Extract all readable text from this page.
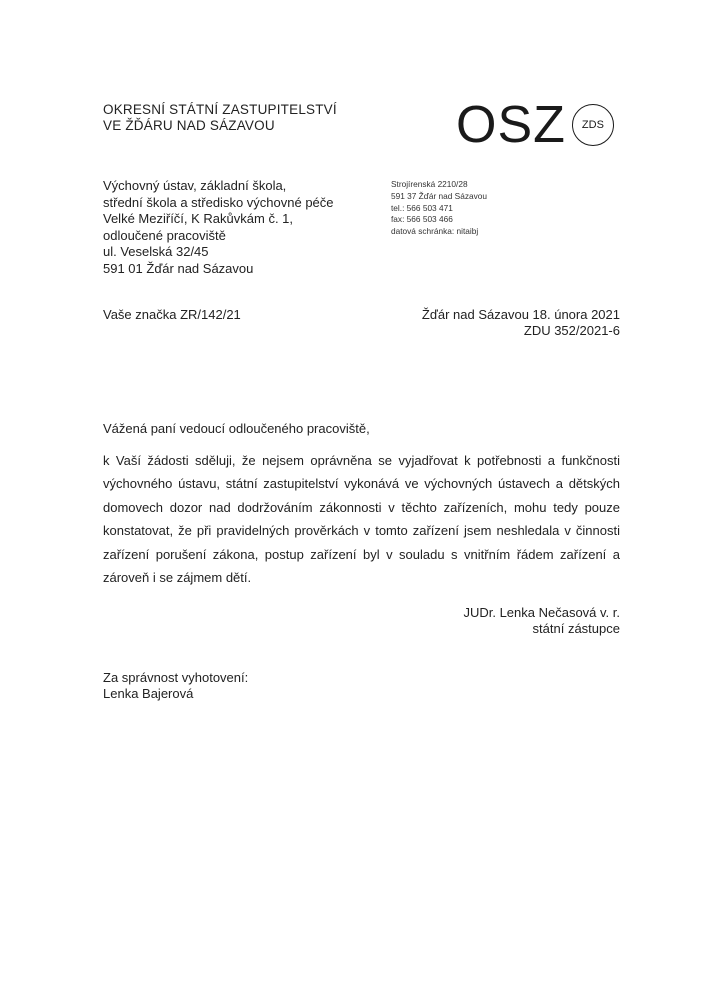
OKRESNÍ STÁTNÍ ZASTUPITELSTVÍ
VE ŽĎÁRU NAD SÁZAVOU	OSZ ZDS
Výchovný ústav, základní škola,
střední škola a středisko výchovné péče
Velké Meziříčí, K Rakůvkám č. 1,
odloučené pracoviště
ul. Veselská 32/45
591 01 Žďár nad Sázavou
Strojírenská 2210/28
591 37 Žďár nad Sázavou
tel.: 566 503 471
fax: 566 503 466
datová schránka: nitaibj
Vaše značka ZR/142/21	Žďár nad Sázavou 18. února 2021
ZDU 352/2021-6
Vážená paní vedoucí odloučeného pracoviště,
k Vaší žádosti sděluji, že nejsem oprávněna se vyjadřovat k potřebnosti a funkčnosti výchovného ústavu, státní zastupitelství vykonává ve výchovných ústavech a dětských domovech dozor nad dodržováním zákonnosti v těchto zařízeních, mohu tedy pouze konstatovat, že při pravidelných prověrkách v tomto zařízení jsem neshledala v činnosti zařízení porušení zákona, postup zařízení byl v souladu s vnitřním řádem zařízení a zároveň i se zájmem dětí.
JUDr. Lenka Nečasová v. r.
státní zástupce
Za správnost vyhotovení:
Lenka Bajerová
